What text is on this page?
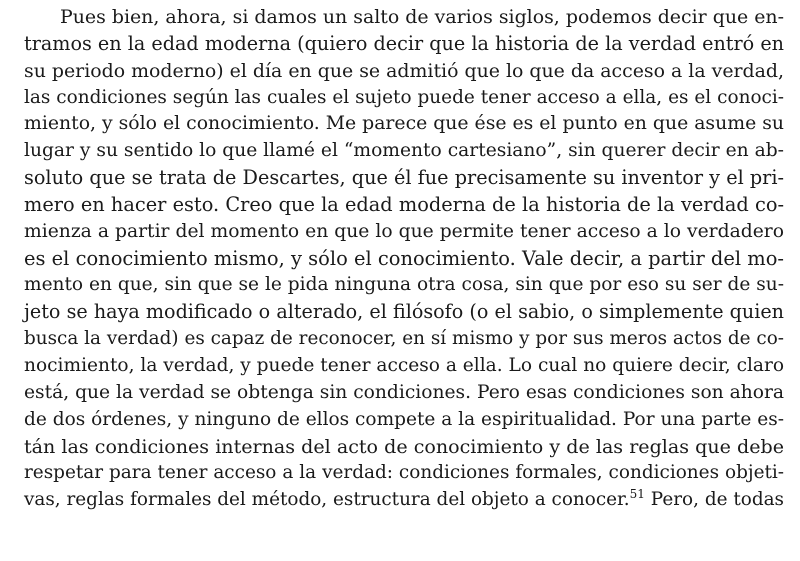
Pues bien, ahora, si damos un salto de varios siglos, podemos decir que en-
tramos en la edad moderna (quiero decir que la historia de la verdad entró en
su periodo moderno) el día en que se admitió que lo que da acceso a la verdad,
las condiciones según las cuales el sujeto puede tener acceso a ella, es el conoci-
miento, y sólo el conocimiento. Me parece que ése es el punto en que asume su
lugar y su sentido lo que llamé el “momento cartesiano”, sin querer decir en ab-
soluto que se trata de Descartes, que él fue precisamente su inventor y el pri-
mero en hacer esto. Creo que la edad moderna de la historia de la verdad co-
mienza a partir del momento en que lo que permite tener acceso a lo verdadero
es el conocimiento mismo, y sólo el conocimiento. Vale decir, a partir del mo-
mento en que, sin que se le pida ninguna otra cosa, sin que por eso su ser de su-
jeto se haya modificado o alterado, el filósofo (o el sabio, o simplemente quien
busca la verdad) es capaz de reconocer, en sí mismo y por sus meros actos de co-
nocimiento, la verdad, y puede tener acceso a ella. Lo cual no quiere decir, claro
está, que la verdad se obtenga sin condiciones. Pero esas condiciones son ahora
de dos órdenes, y ninguno de ellos compete a la espiritualidad. Por una parte es-
tán las condiciones internas del acto de conocimiento y de las reglas que debe
respetar para tener acceso a la verdad: condiciones formales, condiciones objeti-
vas, reglas formales del método, estructura del objeto a conocer.$^{51}$ Pero, de todas
